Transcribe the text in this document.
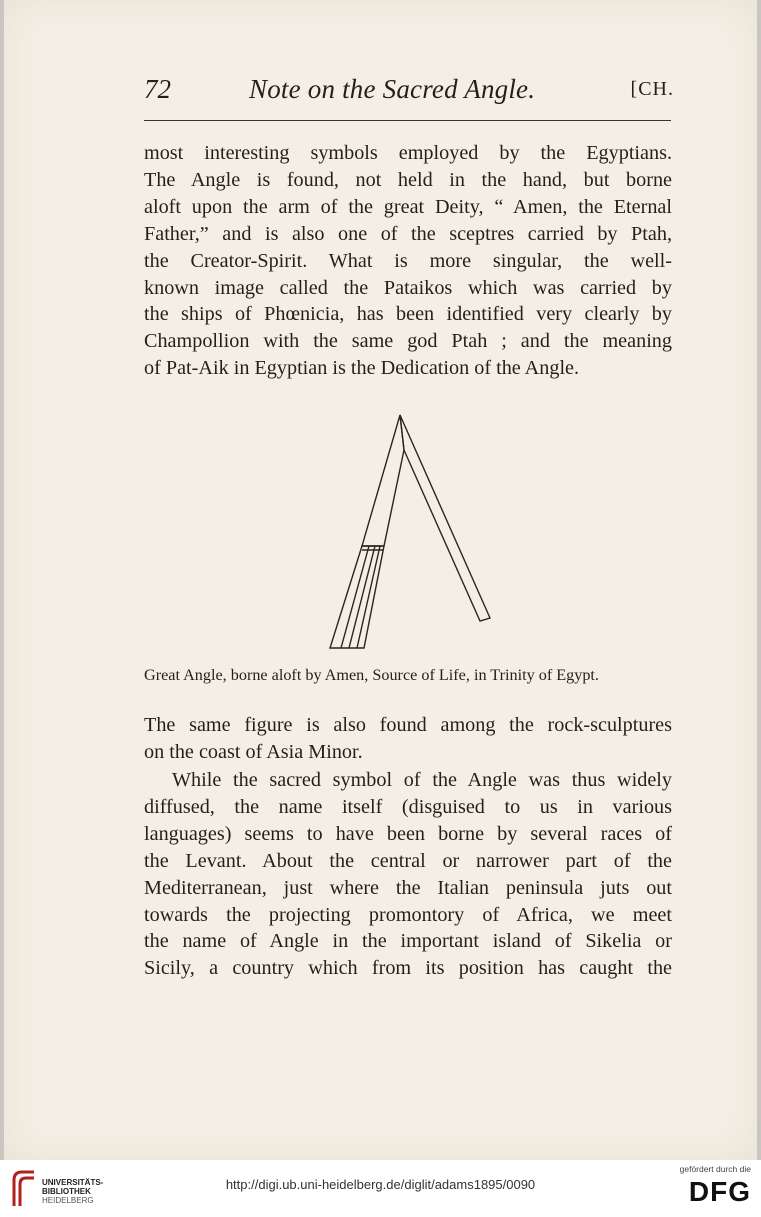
72	Note on the Sacred Angle.	[CH.

most interesting symbols employed by the Egyptians.
The Angle is found, not held in the hand, but borne
aloft upon the arm of the great Deity, “ Amen, the Eternal
Father,” and is also one of the sceptres carried by Ptah,
the Creator-Spirit. What is more singular, the well-
known image called the Pataikos which was carried by
the ships of Phœnicia, has been identified very clearly by
Champollion with the same god Ptah ; and the meaning
of Pat-Aik in Egyptian is the Dedication of the Angle.

Great Angle, borne aloft by Amen, Source of Life, in Trinity of Egypt.

The same figure is also found among the rock-sculptures
on the coast of Asia Minor.

While the sacred symbol of the Angle was thus widely
diffused, the name itself (disguised to us in various
languages) seems to have been borne by several races of
the Levant. About the central or narrower part of the
Mediterranean, just where the Italian peninsula juts out
towards the projecting promontory of Africa, we meet
the name of Angle in the important island of Sikelia or
Sicily, a country which from its position has caught the

UNIVERSITÄTS-
BIBLIOTHEK
HEIDELBERG
http://digi.ub.uni-heidelberg.de/diglit/adams1895/0090
gefördert durch die
DFG
